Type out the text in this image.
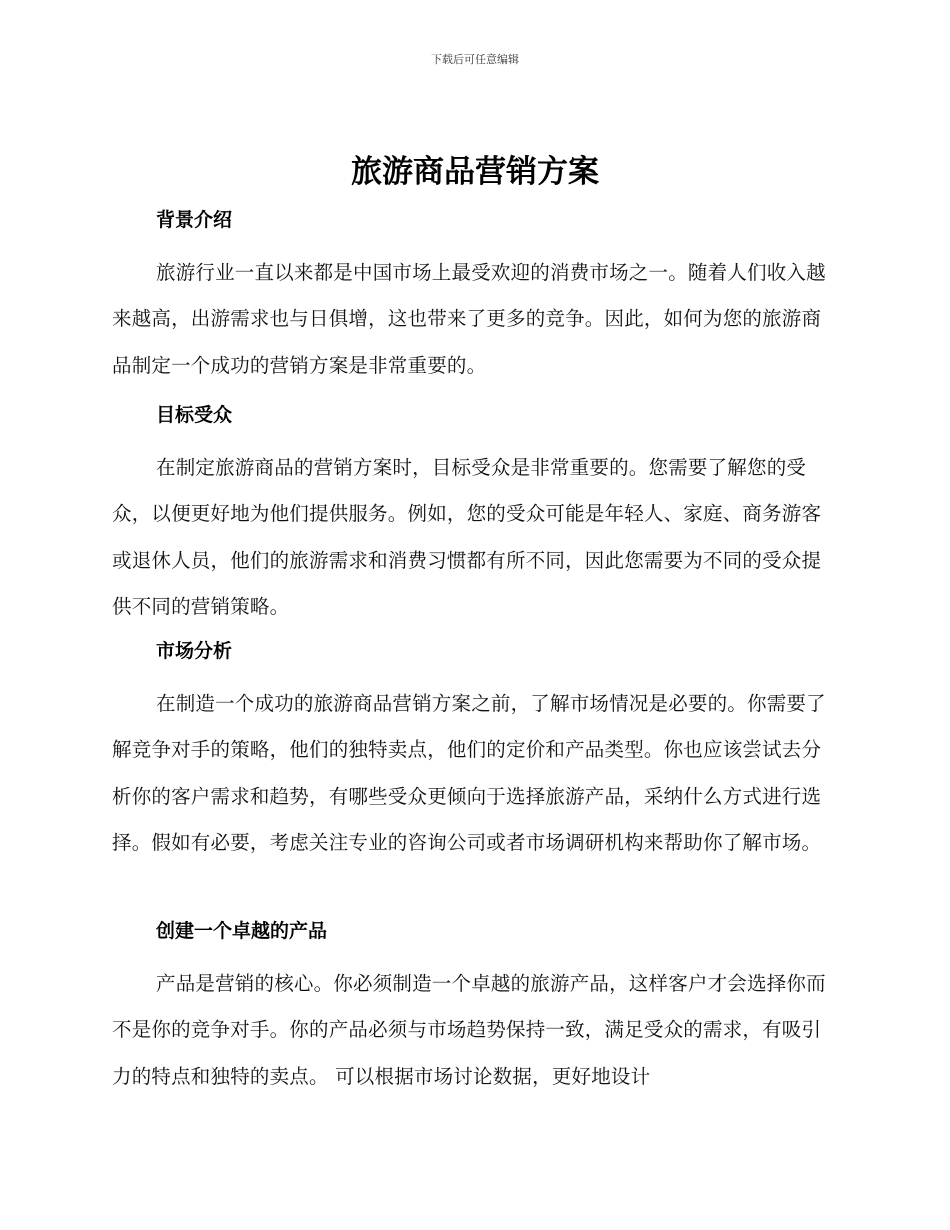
下载后可任意编辑
旅游商品营销方案
背景介绍

旅游行业一直以来都是中国市场上最受欢迎的消费市场之一。随着人们收入越来越高，出游需求也与日俱增，这也带来了更多的竞争。因此，如何为您的旅游商品制定一个成功的营销方案是非常重要的。

目标受众

在制定旅游商品的营销方案时，目标受众是非常重要的。您需要了解您的受众，以便更好地为他们提供服务。例如，您的受众可能是年轻人、家庭、商务游客或退休人员，他们的旅游需求和消费习惯都有所不同，因此您需要为不同的受众提供不同的营销策略。

市场分析

在制造一个成功的旅游商品营销方案之前，了解市场情况是必要的。你需要了解竞争对手的策略，他们的独特卖点，他们的定价和产品类型。你也应该尝试去分析你的客户需求和趋势，有哪些受众更倾向于选择旅游产品，采纳什么方式进行选择。假如有必要，考虑关注专业的咨询公司或者市场调研机构来帮助你了解市场。

创建一个卓越的产品

产品是营销的核心。你必须制造一个卓越的旅游产品，这样客户才会选择你而不是你的竞争对手。你的产品必须与市场趋势保持一致，满足受众的需求，有吸引力的特点和独特的卖点。 可以根据市场讨论数据，更好地设计
